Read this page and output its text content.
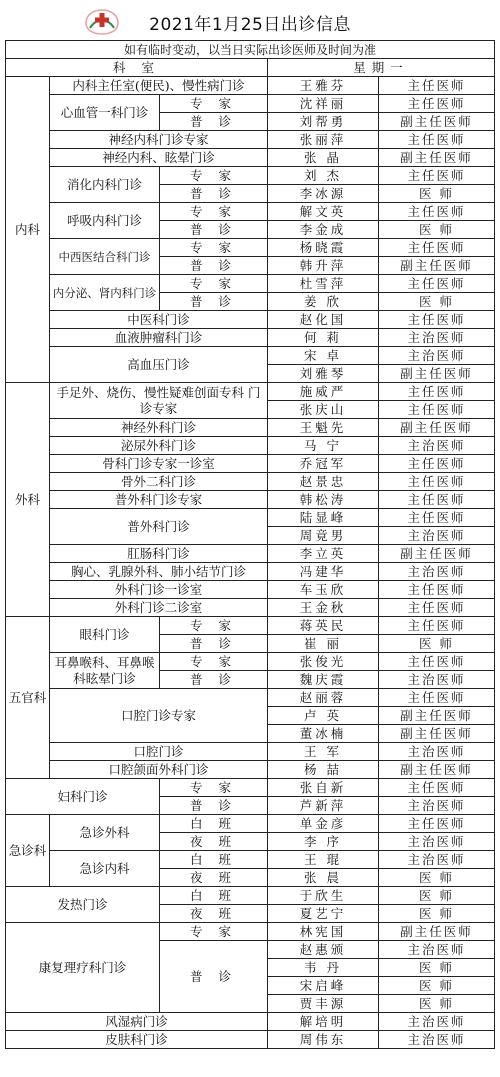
2021年1月25日出诊信息
如有临时变动，以当日实际出诊医师及时间为准				
科 室			星期一	
内科	内科主任室(便民)、慢性病门诊		王雅芬	主任医师
	心血管一科门诊	专 家	沈祥丽	主任医师
		普 诊	刘帮勇	副主任医师
	神经内科门诊专家		张丽萍	主任医师
	神经内科、眩晕门诊		张 晶	副主任医师
	消化内科门诊	专 家	刘 杰	主任医师
		普 诊	李冰源	医 师
	呼吸内科门诊	专 家	解文英	主任医师
		普 诊	李金成	医 师
	中西医结合科门诊	专 家	杨晓霞	主任医师
		普 诊	韩升萍	副主任医师
	内分泌、肾内科门诊	专 家	杜雪萍	主任医师
		普 诊	姜 欣	医 师
	中医科门诊		赵化国	主任医师
	血液肿瘤科门诊		何 莉	主治医师
	高血压门诊		宋 卓	主治医师
			刘雅琴	副主任医师
外科	手足外、烧伤、慢性疑难创面专科 门诊专家		施威严	主任医师
			张庆山	主任医师
	神经外科门诊		王魁先	副主任医师
	泌尿外科门诊		马 宁	主治医师
	骨科门诊专家一诊室		乔冠军	主任医师
	骨外二科门诊		赵景忠	主任医师
	普外科门诊专家		韩松涛	主任医师
	普外科门诊		陆显峰	主任医师
			周竟男	主治医师
	肛肠科门诊		李立英	副主任医师
	胸心、乳腺外科、肺小结节门诊		冯建华	主治医师
	外科门诊一诊室		车玉欣	主任医师
	外科门诊二诊室		王金秋	主任医师
五官科	眼科门诊	专 家	蒋英民	主任医师
		普 诊	崔 丽	医 师
	耳鼻喉科、耳鼻喉科眩晕门诊	专 家	张俊光	主任医师
		普 诊	魏庆霞	主治医师
	口腔门诊专家		赵丽蓉	主任医师
			卢 英	副主任医师
			董冰楠	副主任医师
	口腔门诊		王 军	主治医师
	口腔颌面外科门诊		杨 喆	副主任医师
妇科门诊		专 家	张自新	主任医师
		普 诊	芦新萍	主治医师
急诊科	急诊外科	白 班	单金彦	主任医师
		夜 班	李 序	主治医师
	急诊内科	白 班	王 琨	主治医师
		夜 班	张 晨	医 师
发热门诊		白 班	于欣生	医 师
		夜 班	夏艺宁	医 师
康复理疗科门诊		专 家	林宪国	副主任医师
		普 诊	赵惠颁	主治医师
			韦 丹	医 师
			宋启峰	医 师
			贾丰源	医 师
风湿病门诊			解培明	主治医师
皮肤科门诊			周伟东	主治医师
